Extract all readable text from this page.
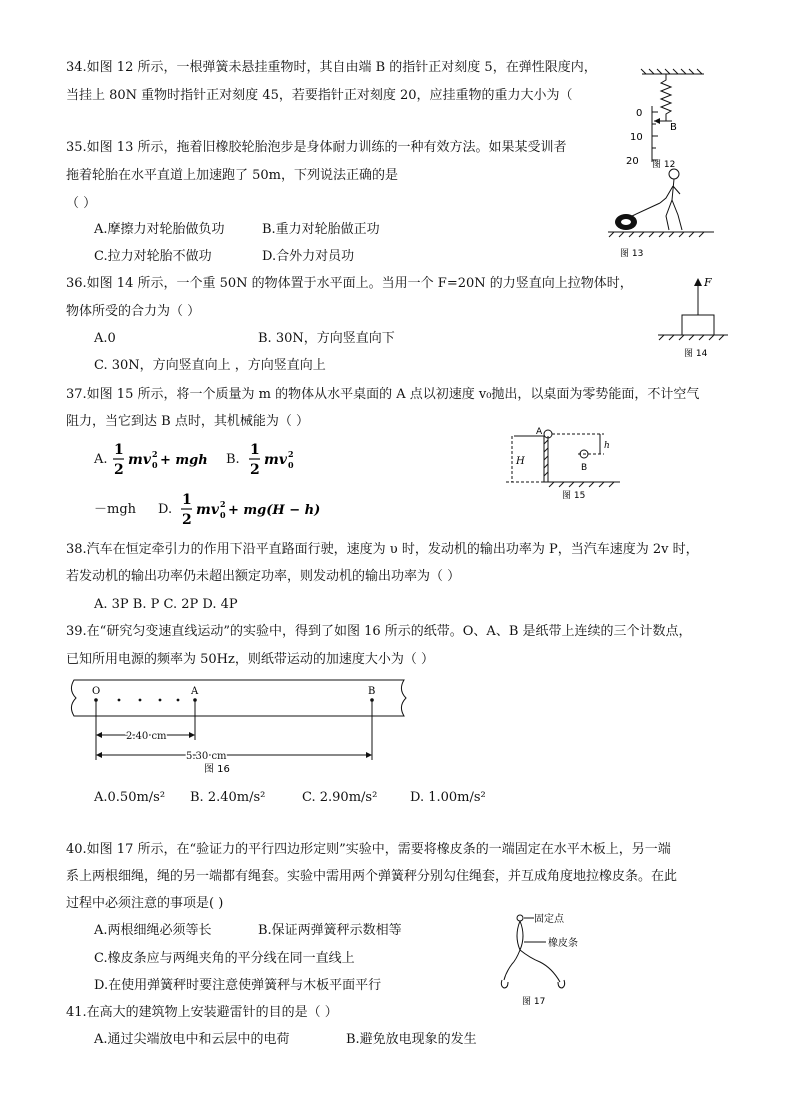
34.如图 12 所示，一根弹簧未悬挂重物时，其自由端 B 的指针正对刻度 5，在弹性限度内，
当挂上 80N 重物时指针正对刻度 45，若要指针正对刻度 20，应挂重物的重力大小为（
0
10
20
B
图 12
35.如图 13 所示，拖着旧橡胶轮胎泡步是身体耐力训练的一种有效方法。如果某受训者
拖着轮胎在水平直道上加速跑了 50m，下列说法正确的是
（ ）
A.摩擦力对轮胎做负功	B.重力对轮胎做正功
C.拉力对轮胎不做功	D.合外力对员功	图 13
36.如图 14 所示，一个重 50N 的物体置于水平面上。当用一个 F=20N 的力竖直向上拉物体时，
物体所受的合力为（ ）
A.0	B. 30N，方向竖直向下
C. 30N，方向竖直向上 ，方向竖直向上
F
图 14
37.如图 15 所示，将一个质量为 m 的物体从水平桌面的 A 点以初速度 v₀抛出，以桌面为零势能面，不计空气
阻力，当它到达 B 点时，其机械能为（ ）
A.
1
2
mv 2
0 + mgh B.
1
2
mv 2
0
－mgh D.
1
2
mv 2
0 + mg(H − h)
A
B
h
H
图 15
38.汽车在恒定牵引力的作用下沿平直路面行驶，速度为 υ 时，发动机的输出功率为 P，当汽车速度为 2v 时，
若发动机的输出功率仍未超出额定功率，则发动机的输出功率为（ ）
A. 3P B. P C. 2P D. 4P
39.在“研究匀变速直线运动”的实验中，得到了如图 16 所示的纸带。O、A、B 是纸带上连续的三个计数点，
已知所用电源的频率为 50Hz，则纸带运动的加速度大小为（ ）
O	A	B
2.40 cm
5.30 cm
图 16
A.0.50m/s² B. 2.40m/s²	C. 2.90m/s²	D. 1.00m/s²
40.如图 17 所示，在“验证力的平行四边形定则”实验中，需要将橡皮条的一端固定在水平木板上，另一端
系上两根细绳，绳的另一端都有绳套。实验中需用两个弹簧秤分别勾住绳套，并互成角度地拉橡皮条。在此
过程中必须注意的事项是( )
A.两根细绳必须等长	B.保证两弹簧秤示数相等
C.橡皮条应与两绳夹角的平分线在同一直线上
D.在使用弹簧秤时要注意使弹簧秤与木板平面平行
固定点
橡皮条
图 17
41.在高大的建筑物上安装避雷针的目的是（ ）
A.通过尖端放电中和云层中的电荷	B.避免放电现象的发生
